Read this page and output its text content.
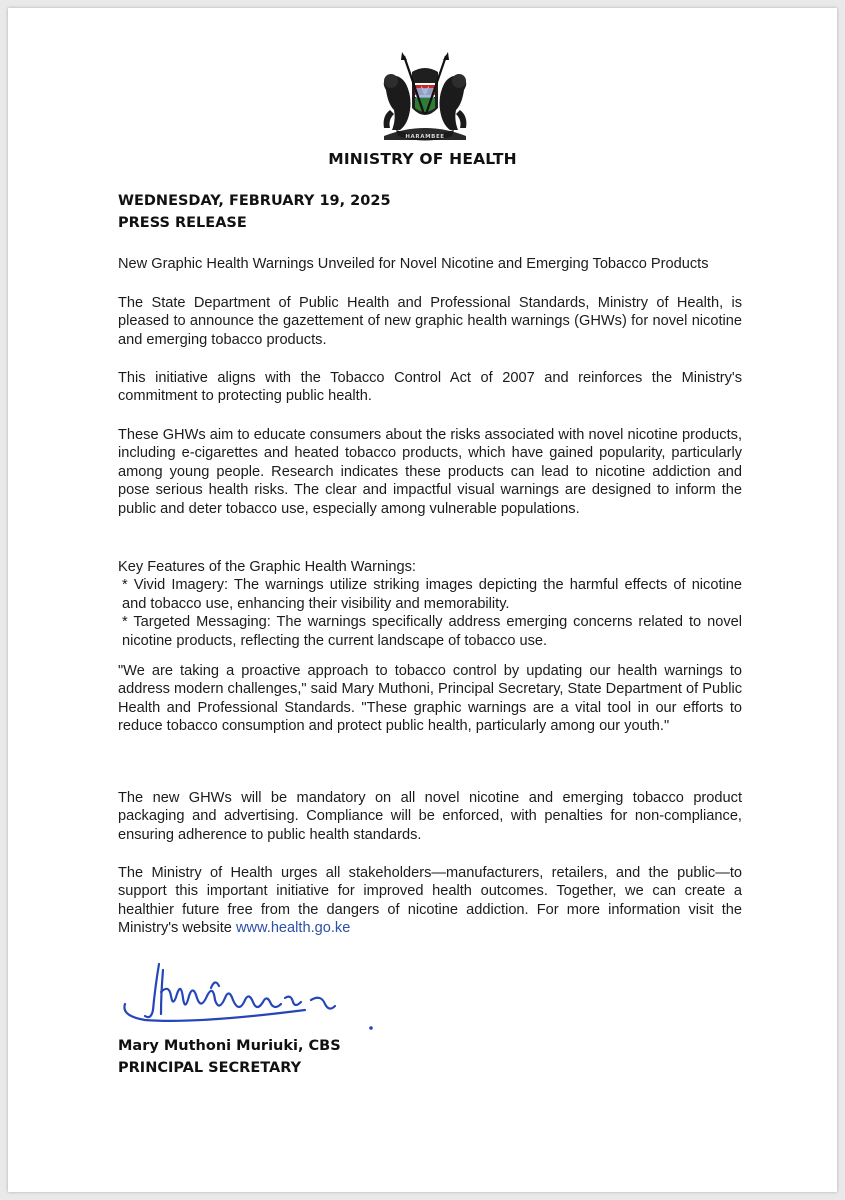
HARAMBEE
MINISTRY OF HEALTH
WEDNESDAY, FEBRUARY 19, 2025
PRESS RELEASE
New Graphic Health Warnings Unveiled for Novel Nicotine and Emerging Tobacco Products
The State Department of Public Health and Professional Standards, Ministry of Health, is pleased to announce the gazettement of new graphic health warnings (GHWs) for novel nicotine and emerging tobacco products.
This initiative aligns with the Tobacco Control Act of 2007 and reinforces the Ministry's commitment to protecting public health.
These GHWs aim to educate consumers about the risks associated with novel nicotine products, including e-cigarettes and heated tobacco products, which have gained popularity, particularly among young people. Research indicates these products can lead to nicotine addiction and pose serious health risks. The clear and impactful visual warnings are designed to inform the public and deter tobacco use, especially among vulnerable populations.
Key Features of the Graphic Health Warnings:
* Vivid Imagery: The warnings utilize striking images depicting the harmful effects of nicotine and tobacco use, enhancing their visibility and memorability.
* Targeted Messaging: The warnings specifically address emerging concerns related to novel nicotine products, reflecting the current landscape of tobacco use.
"We are taking a proactive approach to tobacco control by updating our health warnings to address modern challenges," said Mary Muthoni, Principal Secretary, State Department of Public Health and Professional Standards. "These graphic warnings are a vital tool in our efforts to reduce tobacco consumption and protect public health, particularly among our youth."
The new GHWs will be mandatory on all novel nicotine and emerging tobacco product packaging and advertising. Compliance will be enforced, with penalties for non-compliance, ensuring adherence to public health standards.
The Ministry of Health urges all stakeholders—manufacturers, retailers, and the public—to support this important initiative for improved health outcomes. Together, we can create a healthier future free from the dangers of nicotine addiction. For more information visit the Ministry's website www.health.go.ke
Mary Muthoni Muriuki, CBS
PRINCIPAL SECRETARY
